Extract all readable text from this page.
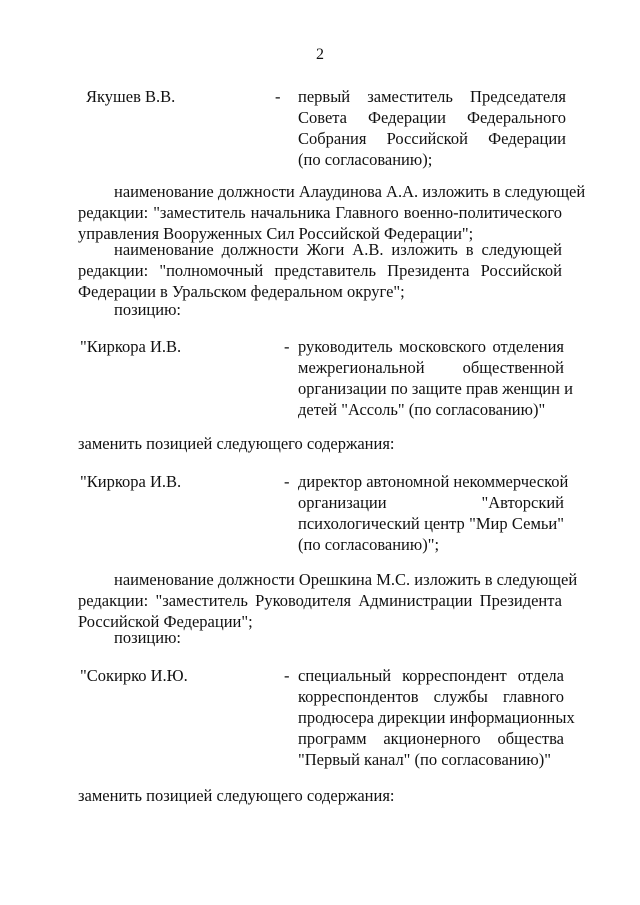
2
Якушев В.В.	- первый заместитель Председателя
Совета Федерации Федерального
Собрания Российской Федерации
(по согласованию);
наименование должности Алаудинова А.А. изложить в следующей
редакции: "заместитель начальника Главного военно-политического
управления Вооруженных Сил Российской Федерации";
наименование должности Жоги А.В. изложить в следующей
редакции: "полномочный представитель Президента Российской
Федерации в Уральском федеральном округе";
позицию:
"Киркора И.В.	- руководитель московского отделения
межрегиональной общественной
организации по защите прав женщин и
детей "Ассоль" (по согласованию)"
заменить позицией следующего содержания:
"Киркора И.В.	- директор автономной некоммерческой
организации "Авторский
психологический центр "Мир Семьи"
(по согласованию)";
наименование должности Орешкина М.С. изложить в следующей
редакции: "заместитель Руководителя Администрации Президента
Российской Федерации";
позицию:
"Сокирко И.Ю.	- специальный корреспондент отдела
корреспондентов службы главного
продюсера дирекции информационных
программ акционерного общества
"Первый канал" (по согласованию)"
заменить позицией следующего содержания:
